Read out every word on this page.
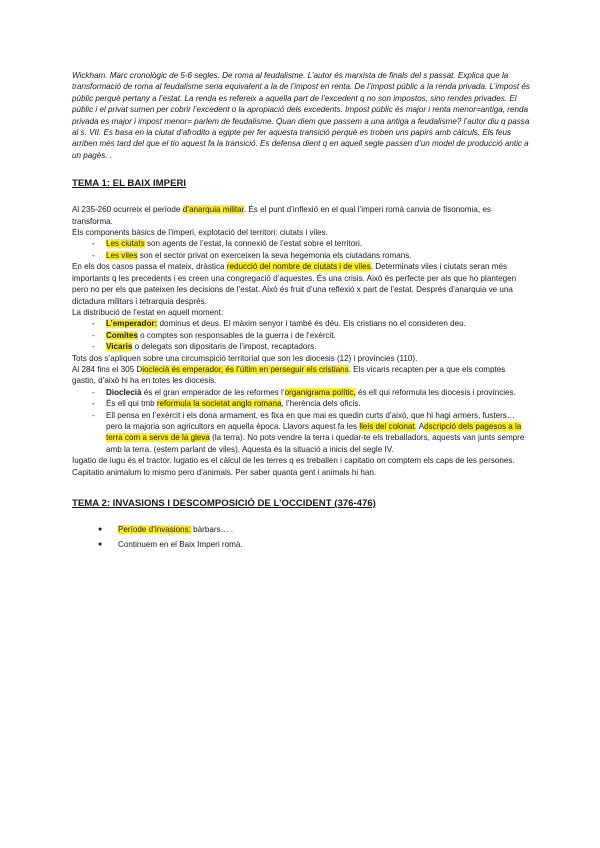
Wickham. Marc cronològic de 5-6 segles. De roma al feudalisme. L’autor és marxista de finals del s passat. Explica que la transformació de roma al feudalisme seria equivalent a la de l’impost en renta. De l’impost públic a la renda privada. L’impost és públic perquè pertany a l’estat. La renda es refereix a aquella part de l’excedent q no son impostos, sino rendes privades. El públic i el privat sumen per cobrir l’excedent o la apropiació dels excedents. Impost públic és major i renta menor=antiga, renda privada es major i impost menor= parlem de feudalisme. Quan diem que passem a una antiga a feudalisme? l’autor diu q passa al s. VII. Es basa en la ciutat d’afrodito a egipte per fer aquesta transició perquè es troben uns papirs amb càlculs. Els feus arriben més tard del que el tio aquest fa la transició. Es defensa dient q en aquell segle passen d’un model de producció antic a un pagès. .

TEMA 1: EL BAIX IMPERI

Al 235-260 ocurreix el període d’anarquia militar. És el punt d’inflexió en el qual l’imperi romà canvia de fisonomia, es transforma.

Els components bàsics de l’imperi, explotació del territori: ciutats i viles.

- Les ciutats son agents de l’estat, la connexió de l’estat sobre el territori.
- Les viles son el sector privat on exerceixen la seva hegemonia els ciutadans romans.

En els dos casos passa el mateix, dràstica reducció del nombre de ciutats i de viles. Determinats viles i ciutats seran més importants q les precedents i es creen una congregació d’aquestes. És una crisis. Això és perfecte per als que ho plantegen pero no per els que pateixen les decisions de l’estat. Això és fruit d’una reflexió x part de l’estat. Després d’anarquia ve una dictadura militars i tetrarquia després.

La distribució de l’estat en aquell moment:

- L’emperador: dominus et deus. El màxim senyor i també és déu. Els cristians no el consideren deu.
- Comites o comptes son responsables de la guerra i de l’exèrcit.
- Vicaris o delegats son dipositaris de l’impost, recaptadors.

Tots dos s’apliquen sobre una circumspició territorial que son les diocesis (12) i províncies (110).

Al 284 fins el 305 Dioclecià és emperador, és l’últim en perseguir els cristians. Els vicaris recapten per a que els comptes gastin, d’això hi ha en totes les diocesis.

- Dioclecià és el gran emperador de les reformes l’organigrama polític, és ell qui reformula les diocesis i províncies.
- És ell qui tmb reformula la societat anglo romana, l’herència dels oficis.
- Ell pensa en l’exèrcit i els dona armament, es fixa en que mai es quedin curts d’això, que hi hagi armers, fusters… pero la majoria son agricultors en aquella època. Llavors aquest fa les lleis del colonat. Adscripció dels pagesos a la terra com a servs de la gleva (la terra). No pots vendre la terra i quedar-te els treballadors, aquests van junts sempre amb la terra. (estem parlant de viles). Aquesta és la situació a inicis del segle IV.

Iugatio de iugu és el tractor. Iugatio es el càlcul de les terres q es treballen i capitatio on comptem els caps de les persones. Capitatio animalum lo mismo pero d’animals. Per saber quanta gent i animals hi han.

TEMA 2: INVASIONS I DESCOMPOSICIÓ DE L’OCCIDENT (376-476)
● Període d’invasions: bàrbars… .
● Continuem en el Baix Imperi romà.
